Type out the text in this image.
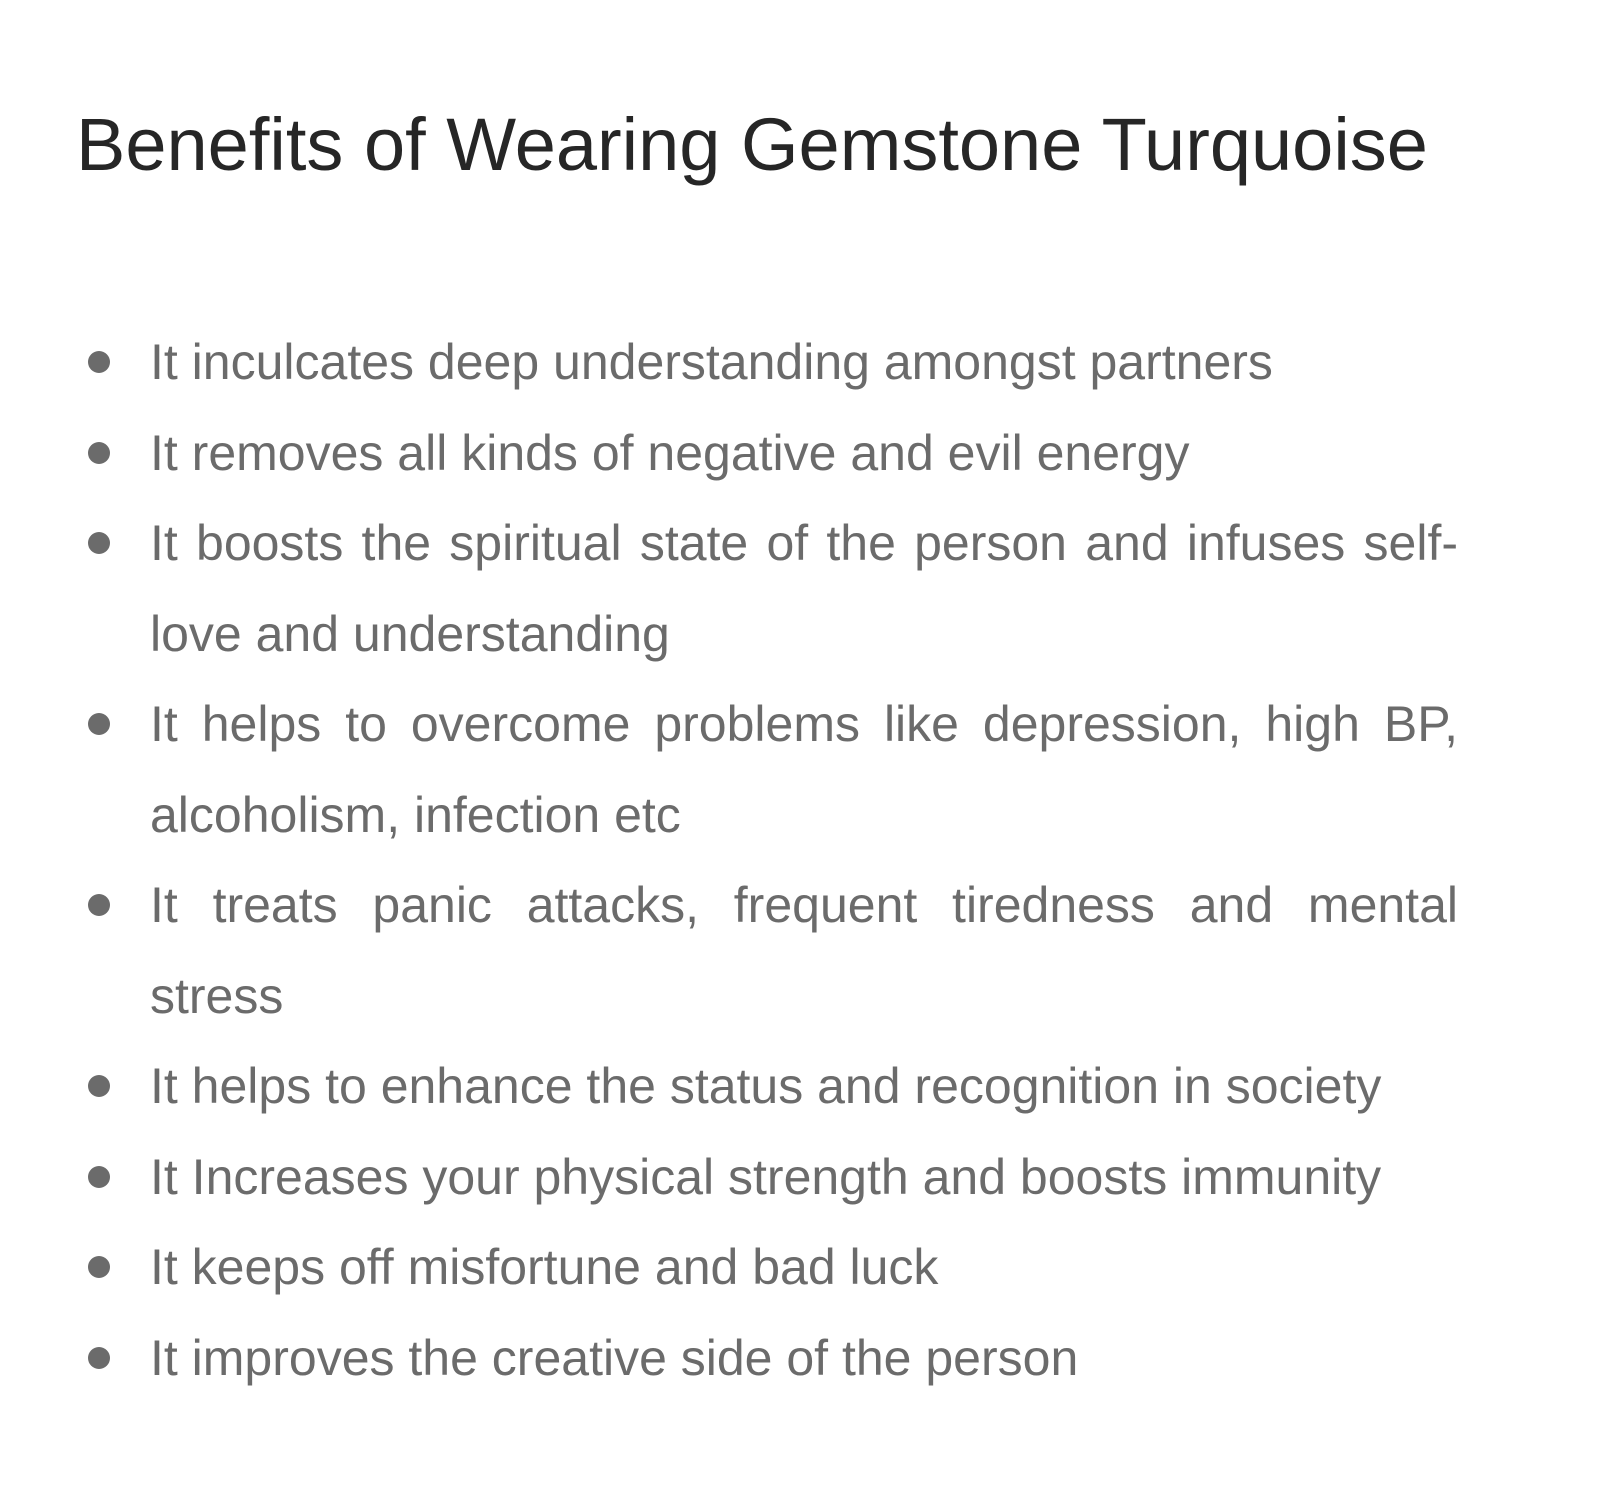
Benefits of Wearing Gemstone Turquoise
It inculcates deep understanding amongst partners
It removes all kinds of negative and evil energy
It boosts the spiritual state of the person and infuses self-love and understanding
It helps to overcome problems like depression, high BP, alcoholism, infection etc
It treats panic attacks, frequent tiredness and mental stress
It helps to enhance the status and recognition in society
It Increases your physical strength and boosts immunity
It keeps off misfortune and bad luck
It improves the creative side of the person
